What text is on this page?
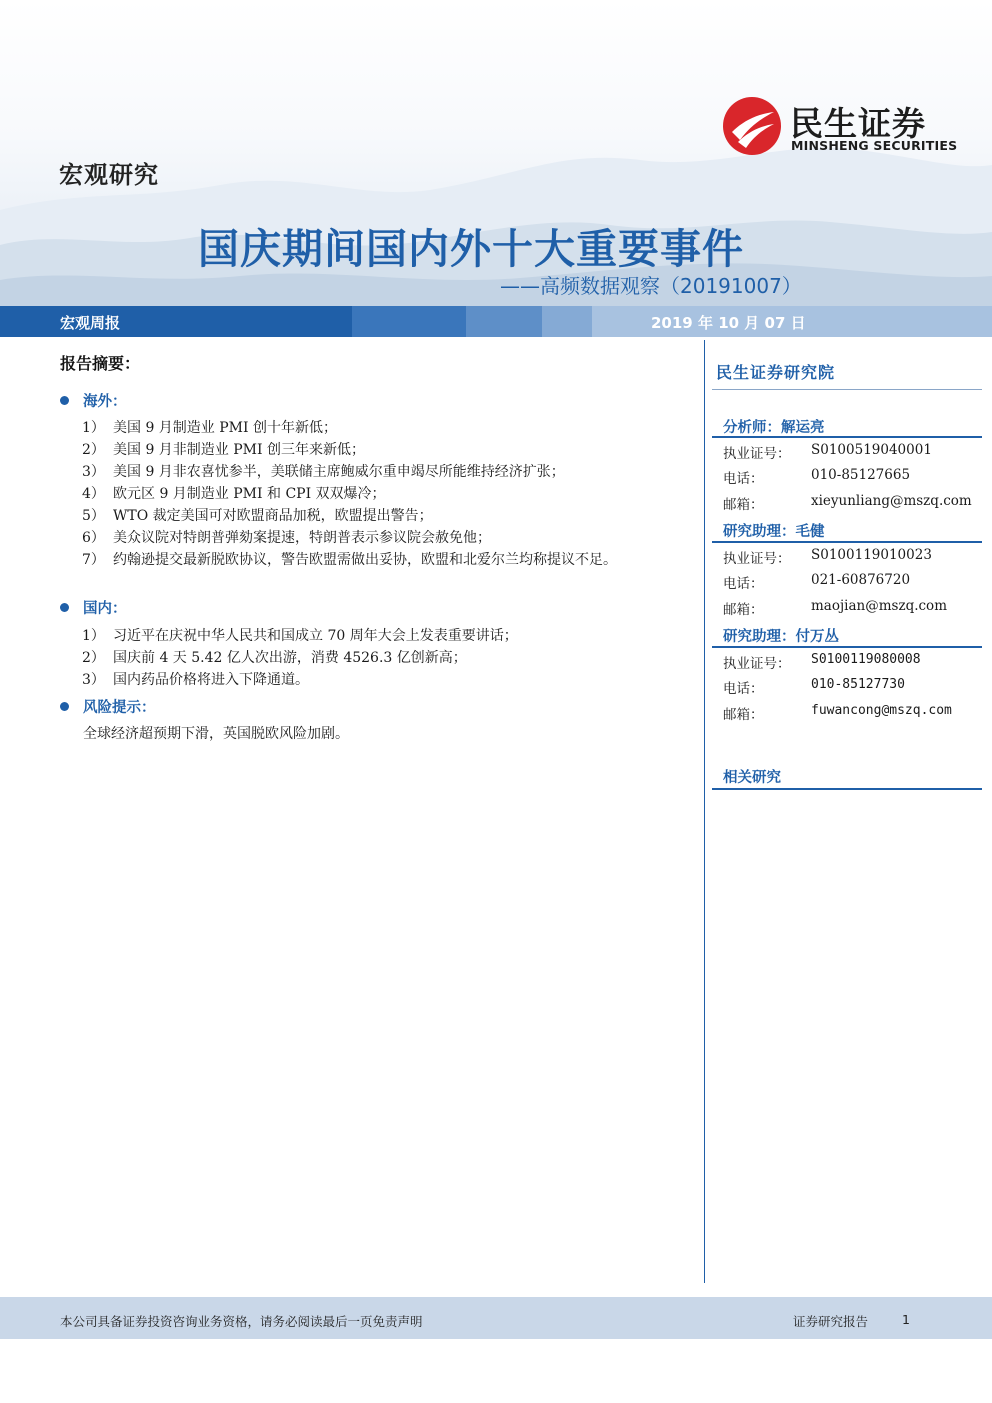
民生证券
MINSHENG SECURITIES
宏观研究
国庆期间国内外十大重要事件
——高频数据观察（20191007）
宏观周报	2019 年 10 月 07 日
报告摘要：
海外：
1） 美国 9 月制造业 PMI 创十年新低；
2） 美国 9 月非制造业 PMI 创三年来新低；
3） 美国 9 月非农喜忧参半，美联储主席鲍威尔重申竭尽所能维持经济扩张；
4） 欧元区 9 月制造业 PMI 和 CPI 双双爆冷；
5） WTO 裁定美国可对欧盟商品加税，欧盟提出警告；
6） 美众议院对特朗普弹劾案提速，特朗普表示参议院会赦免他；
7） 约翰逊提交最新脱欧协议，警告欧盟需做出妥协，欧盟和北爱尔兰均称提议不足。
国内：
1） 习近平在庆祝中华人民共和国成立 70 周年大会上发表重要讲话；
2） 国庆前 4 天 5.42 亿人次出游，消费 4526.3 亿创新高；
3） 国内药品价格将进入下降通道。
风险提示：
全球经济超预期下滑，英国脱欧风险加剧。
民生证券研究院
分析师：解运亮
执业证号： S0100519040001
电话：	010-85127665
邮箱：	xieyunliang@mszq.com
研究助理：毛健
执业证号： S0100119010023
电话：	021-60876720
邮箱：	maojian@mszq.com
研究助理：付万丛
执业证号： S0100119080008
电话：	010-85127730
邮箱：	fuwancong@mszq.com
相关研究
本公司具备证券投资咨询业务资格，请务必阅读最后一页免责声明	证券研究报告	1
